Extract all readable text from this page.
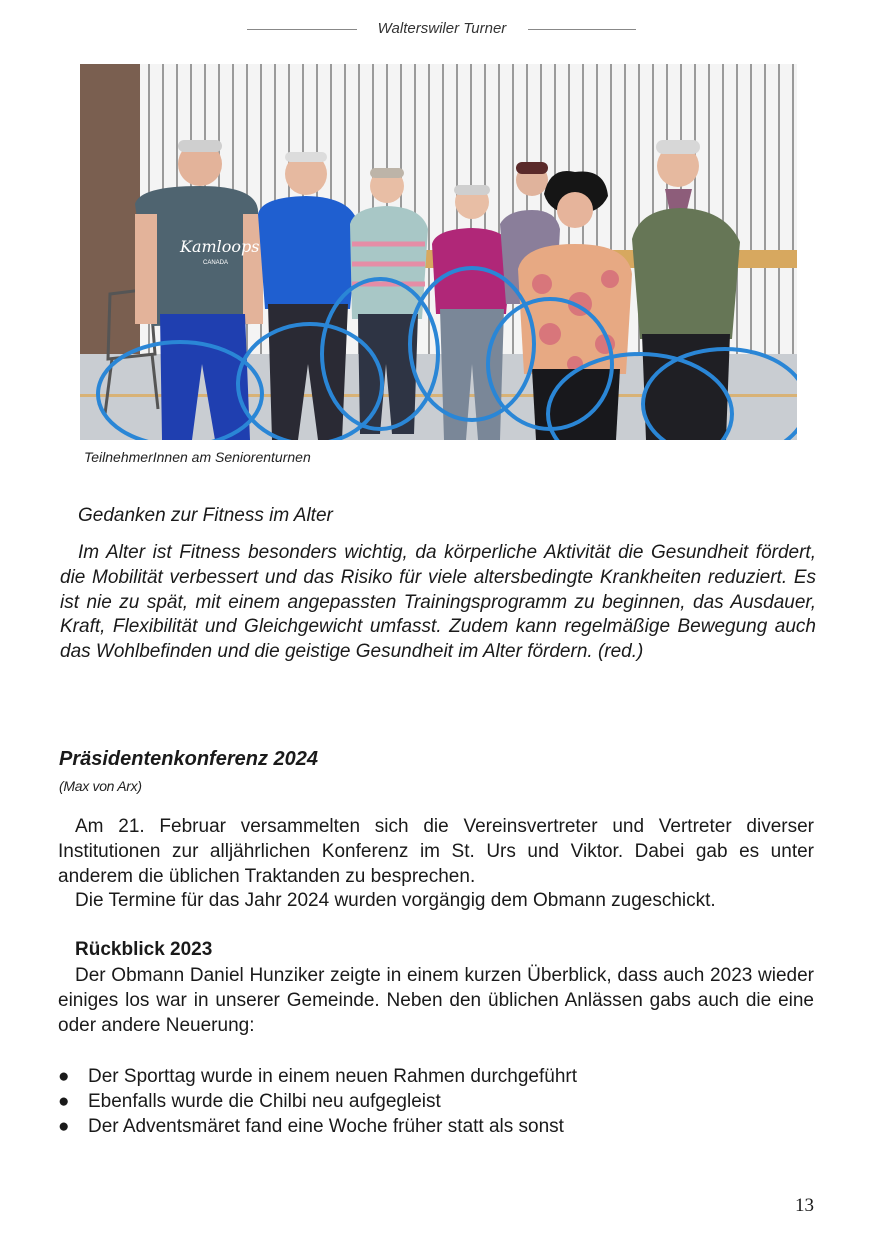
Walterswiler Turner
Kamloops
CANADA
TeilnehmerInnen am Seniorenturnen
Gedanken zur Fitness im Alter

Im Alter ist Fitness besonders wichtig, da körperliche Aktivität die Gesundheit fördert, die Mobilität verbessert und das Risiko für viele altersbedingte Krankheiten reduziert. Es ist nie zu spät, mit einem angepassten Trainingsprogramm zu beginnen, das Ausdauer, Kraft, Flexibilität und Gleichgewicht umfasst. Zudem kann regelmäßige Bewegung auch das Wohlbefinden und die geistige Gesundheit im Alter fördern. (red.)

Präsidentenkonferenz 2024
(Max von Arx)

Am 21. Februar versammelten sich die Vereinsvertreter und Vertreter diverser Institutionen zur alljährlichen Konferenz im St. Urs und Viktor. Dabei gab es unter anderem die üblichen Traktanden zu besprechen.

Die Termine für das Jahr 2024 wurden vorgängig dem Obmann zugeschickt.

Rückblick 2023

Der Obmann Daniel Hunziker zeigte in einem kurzen Überblick, dass auch 2023 wieder einiges los war in unserer Gemeinde. Neben den üblichen Anlässen gabs auch die eine oder andere Neuerung:

● Der Sporttag wurde in einem neuen Rahmen durchgeführt
● Ebenfalls wurde die Chilbi neu aufgegleist
● Der Adventsmäret fand eine Woche früher statt als sonst
13
